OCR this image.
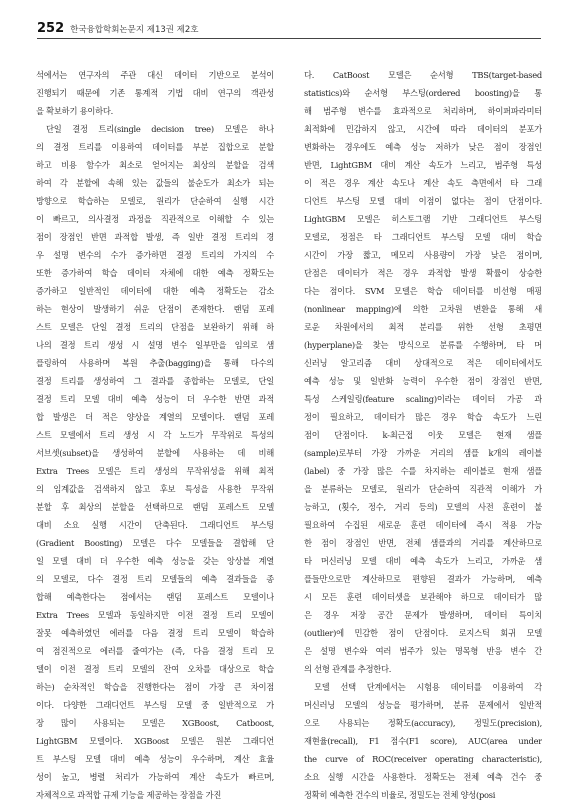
252 한국융합학회논문지 제13권 제2호
석에서는 연구자의 주관 대신 데이터 기반으로 분석이
진행되기 때문에 기존 통계적 기법 대비 연구의 객관성
을 확보하기 용이하다.
단일 결정 트리(single decision tree) 모델은 하나
의 결정 트리를 이용하여 데이터를 부분 집합으로 분할
하고 비용 함수가 최소로 얻어지는 최상의 분할을 검색
하여 각 분할에 속해 있는 값들의 불순도가 최소가 되는
방향으로 학습하는 모델로, 원리가 단순하여 실행 시간
이 빠르고, 의사결정 과정을 직관적으로 이해할 수 있는
점이 장점인 반면 과적합 발생, 즉 일반 결정 트리의 경
우 설명 변수의 수가 증가하면 결정 트리의 가지의 수
또한 증가하여 학습 데이터 자체에 대한 예측 정확도는
증가하고 일반적인 데이터에 대한 예측 정확도는 감소
하는 현상이 발생하기 쉬운 단점이 존재한다. 랜덤 포레
스트 모델은 단일 결정 트리의 단점을 보완하기 위해 하
나의 결정 트리 생성 시 설명 변수 일부만을 임의로 샘
플링하여 사용하며 복원 추출(bagging)을 통해 다수의
결정 트리를 생성하여 그 결과를 종합하는 모델로, 단일
결정 트리 모델 대비 예측 성능이 더 우수한 반면 과적
합 발생은 더 적은 양상을 계열의 모델이다. 랜덤 포레
스트 모델에서 트리 생성 시 각 노드가 무작위로 특성의
서브셋(subset)을 생성하여 분할에 사용하는 데 비해
Extra Trees 모델은 트리 생성의 무작위성을 위해 최적
의 임계값을 검색하지 않고 후보 특성을 사용한 무작위
분할 후 최상의 분할을 선택하므로 랜덤 포레스트 모델
대비 소요 실행 시간이 단축된다. 그래디언트 부스팅
(Gradient Boosting) 모델은 다수 모델들을 결합해 단
일 모델 대비 더 우수한 예측 성능을 갖는 앙상블 계열
의 모델로, 다수 결정 트리 모델들의 예측 결과들을 종
합해 예측한다는 점에서는 랜덤 포레스트 모델이나
Extra Trees 모델과 동일하지만 이전 결정 트리 모델이
잘못 예측하였던 에러를 다음 결정 트리 모델이 학습하
여 점진적으로 에러를 줄여가는 (즉, 다음 결정 트리 모
델이 이전 결정 트리 모델의 잔여 오차를 대상으로 학습
하는) 순차적인 학습을 진행한다는 점이 가장 큰 차이점
이다. 다양한 그래디언트 부스팅 모델 중 일반적으로 가
장 많이 사용되는 모델은 XGBoost, Catboost,
LightGBM 모델이다. XGBoost 모델은 원본 그래디언
트 부스팅 모델 대비 예측 성능이 우수하며, 계산 효율
성이 높고, 병렬 처리가 가능하여 계산 속도가 빠르며,
자체적으로 과적합 규제 기능을 제공하는 장점을 가진
다. CatBoost 모델은 순서형 TBS(target-based
statistics)와 순서형 부스팅(ordered boosting)을 통
해 범주형 변수를 효과적으로 처리하며, 하이퍼파라미터
최적화에 민감하지 않고, 시간에 따라 데이터의 분포가
변화하는 경우에도 예측 성능 저하가 낮은 점이 장점인
반면, LightGBM 대비 계산 속도가 느리고, 범주형 특성
이 적은 경우 계산 속도나 계산 속도 측면에서 타 그래
디언트 부스팅 모델 대비 이점이 없다는 점이 단점이다.
LightGBM 모델은 히스토그램 기반 그래디언트 부스팅
모델로, 정점은 타 그래디언트 부스팅 모델 대비 학습
시간이 가장 짧고, 메모리 사용량이 가장 낮은 점이며,
단점은 데이터가 적은 경우 과적합 발생 확률이 상승한
다는 점이다. SVM 모델은 학습 데이터를 비선형 매핑
(nonlinear mapping)에 의한 고차원 변환을 통해 새
로운 차원에서의 최적 분리를 위한 선형 초평면
(hyperplane)을 찾는 방식으로 분류를 수행하며, 타 머
신러닝 알고리즘 대비 상대적으로 적은 데이터에서도
예측 성능 및 일반화 능력이 우수한 점이 장점인 반면,
특성 스케일링(feature scaling)이라는 데이터 가공 과
정이 필요하고, 데이터가 많은 경우 학습 속도가 느린
점이 단점이다. k-최근접 이웃 모델은 현재 샘플
(sample)로부터 가장 가까운 거리의 샘플 k개의 레이블
(label) 중 가장 많은 수를 차지하는 레이블로 현재 샘플
을 분류하는 모델로, 원리가 단순하여 직관적 이해가 가
능하고, (횟수, 정수, 거리 등의) 모델의 사전 훈련이 불
필요하여 수집된 새로운 훈련 데이터에 즉시 적용 가능
한 점이 장점인 반면, 전체 샘플과의 거리를 계산하므로
타 머신러닝 모델 대비 예측 속도가 느리고, 가까운 샘
플들만으로만 계산하므로 편향된 결과가 가능하며, 예측
시 모든 훈련 데이터셋을 보관해야 하므로 데이터가 많
은 경우 저장 공간 문제가 발생하며, 데이터 특이치
(outlier)에 민감한 점이 단점이다. 로지스틱 회귀 모델
은 설명 변수와 여러 범주가 있는 명목형 반응 변수 간
의 선형 관계를 추정한다.
모델 선택 단계에서는 시험용 데이터를 이용하여 각
머신러닝 모델의 성능을 평가하며, 분류 문제에서 일반적
으로 사용되는 정확도(accuracy), 정밀도(precision),
재현율(recall), F1 점수(F1 score), AUC(area under
the curve of ROC(receiver operating characteristic),
소요 실행 시간을 사용한다. 정확도는 전체 예측 건수 중
정확히 예측한 건수의 비율로, 정밀도는 전체 양성(posi
